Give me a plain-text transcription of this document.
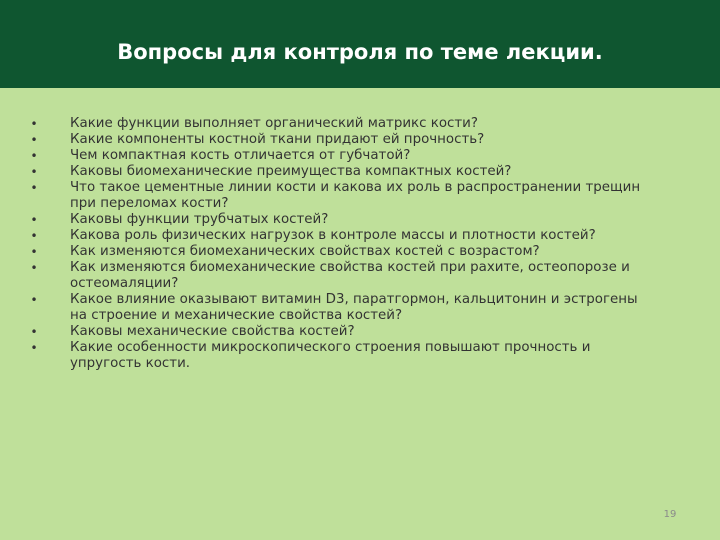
Вопросы для контроля по теме лекции.
• Какие функции выполняет органический матрикс кости?
• Какие компоненты костной ткани придают ей прочность?
• Чем компактная кость отличается от губчатой?
• Каковы биомеханические преимущества компактных костей?
• Что такое цементные линии кости и какова их роль в распространении трещин
при переломах кости?
• Каковы функции трубчатых костей?
• Какова роль физических нагрузок в контроле массы и плотности костей?
• Как изменяются биомеханических свойствах костей с возрастом?
• Как изменяются биомеханические свойства костей при рахите, остеопорозе и
остеомаляции?
• Какое влияние оказывают витамин D3, паратгормон, кальцитонин и эстрогены
на строение и механические свойства костей?
• Каковы механические свойства костей?
• Какие особенности микроскопического строения повышают прочность и
упругость кости.
19
